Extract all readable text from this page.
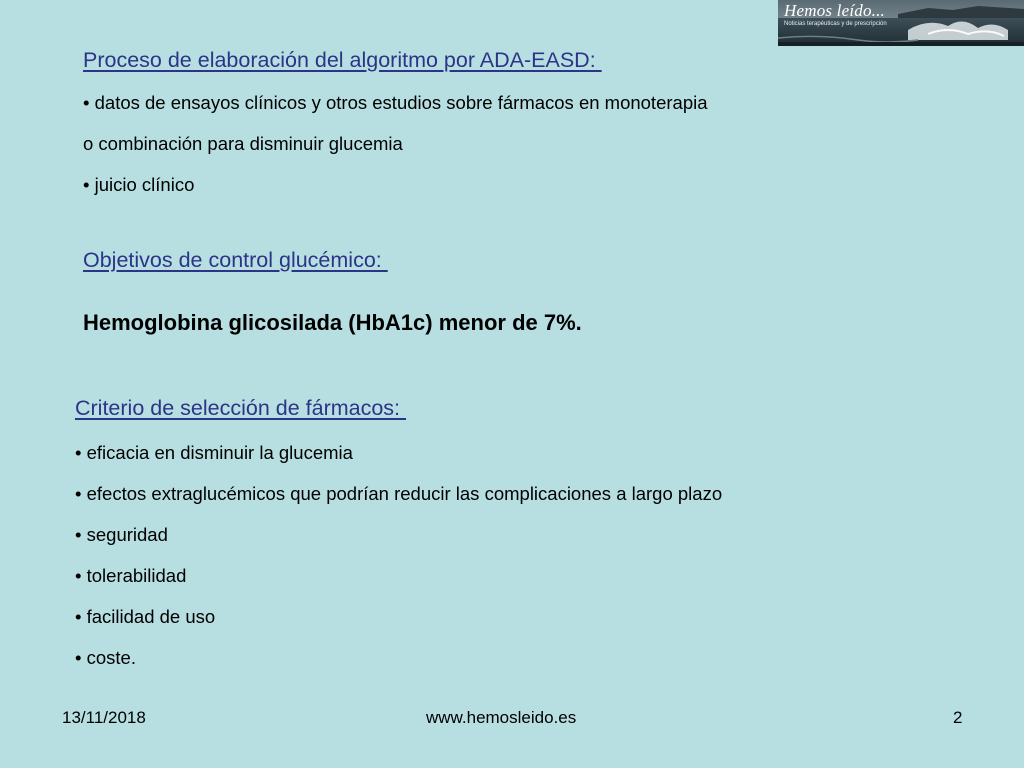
Hemos leído...
Noticias terapéuticas y de prescripción
Proceso de elaboración del algoritmo por ADA-EASD:

• datos de ensayos clínicos y otros estudios sobre fármacos en monoterapia

o combinación para disminuir glucemia

• juicio clínico

Objetivos de control glucémico:

Hemoglobina glicosilada (HbA1c) menor de 7%.

Criterio de selección de fármacos:

• eficacia en disminuir la glucemia

• efectos extraglucémicos que podrían reducir las complicaciones a largo plazo

• seguridad

• tolerabilidad

• facilidad de uso

• coste.

13/11/2018	www.hemosleido.es	2
